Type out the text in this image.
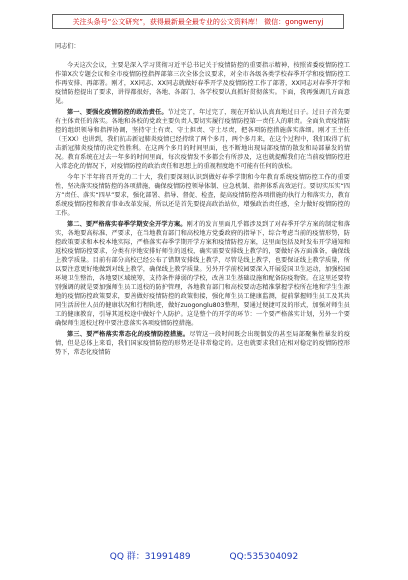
关注头条号“公文研究”，获得最新最全最专业的公文资料库！ 微信：gongwenyj
同志们：

今天这次会议，主要是深入学习贯彻习近平总书记关于疫情防控的重要指示精神，按照省委疫情防控工作第X次专题会议和全市疫情防控指挥部第三次全体会议要求，对全市各级各类学校春季开学和疫情防控工作再安排、再部署。刚才，XX同志、XX同志就做好春季开学及疫情防控工作了部署，XX同志对春季开学和疫情防控提出了要求，讲得都很好，各地、各部门、各学校要认真抓好贯彻落实。下面，我再强调几方面意见。

第一、要强化疫情防控的政治责任。节过完了，年过完了，现在开始认认真真地过日子。过日子首先要有主体责任的落实。各地和各校的党政主要负责人要切实履行疫情防控第一责任人的职责。全面负责疫情防控的组织领导和指挥协调，坚持守土有责、守土担责、守土尽责，把各项防控措施落实落细。刚才王主任（王XX）也讲到，我们抗击新冠肺炎疫情已经持续了两个多月，两个多月来，在这个过程中，我们取得了抗击新冠肺炎疫情的决定性胜利。在这两个多月的时间里面，也不断地出现局部疫情的散发和局部暴发的情况。教育系统在过去一年多的时间里面，每次疫情发不多都会有所涉及，这也就提醒我们在当前疫情防控进入常态化的情况下，对疫情防控的政治责任和思想上的重视程度绝不可能有任何的放松。

今年下半年将召开党的二十大，我们要深刻认识到做好春季学期和今年教育系统疫情防控工作的重要性，坚决落实疫情防控的各项措施，确保疫情防控领导体制、应急机制、指挥体系高效运行。要切实压实“四方”责任、落实“四早”要求，强化部署、指导、督促、检查，提高疫情防控各项措施的执行力和落实力，教育系统疫情防控和教育事业改革发展，所以还是首先要提高政治站位，增强政治责任感，全力做好疫情防控的工作。

第二、要严格落实春季学期安全开学方案。刚才的发言里面几乎都涉及到了对春季开学方案的制定和落实，各地要高标准、严要求，在当地教育部门和高校地方党委政府的指导下，综合考虑当前的疫情形势，防控政策要求和本校本地实际，严格落实春季学期开学方案和疫情防控方案，这里面包括及时发布开学通知和返校疫情防控要求，分类有序地安排好师生的返校，确实需要安排线上教学的，要做好各方面准备，确保线上教学质量。目前有部分高校已经公布了错期安排线上教学，尽管是线上教学，也要保证线上教学质量，所以要注意更好地做到对线上教学，确保线上教学质量。另外开学前校园要深入开展爱国卫生运动，加强校园环境卫生整治，各地要区域统筹，支持条件薄弱的学校，改善卫生基础设施和配备防疫物资。在这里还要特别强调的就是要加强师生员工返校的防护管理，各地教育部门和高校要动态精准掌握学校所在地和学生生源地的疫情防控政策要求，要善做好疫情防控的政策衔接，强化师生员工健康监测，提前掌握师生员工及其共同生活居住人员的健康状况和行程轨迹，做好zuogonglu803整理，要通过便捷可及的形式，加强对师生员工的健康教育，引导其返校途中做好个人防护。这是整个的开学的环节：一个要严格落实计划，另外一个要确保师生返校过程中要注意落实各项疫情防控措施。

第三、要严格落实常态化的疫情防控措施。尽管这一段时间既会出现偶发的甚至局部聚集性暴发的疫情，但是总体上来看，我们国家疫情防控的形势还是非常稳定的。这也就要求我们在相对稳定的疫情防控形势下，常态化疫情防

QQ 群：31991489	QQ:535304092
